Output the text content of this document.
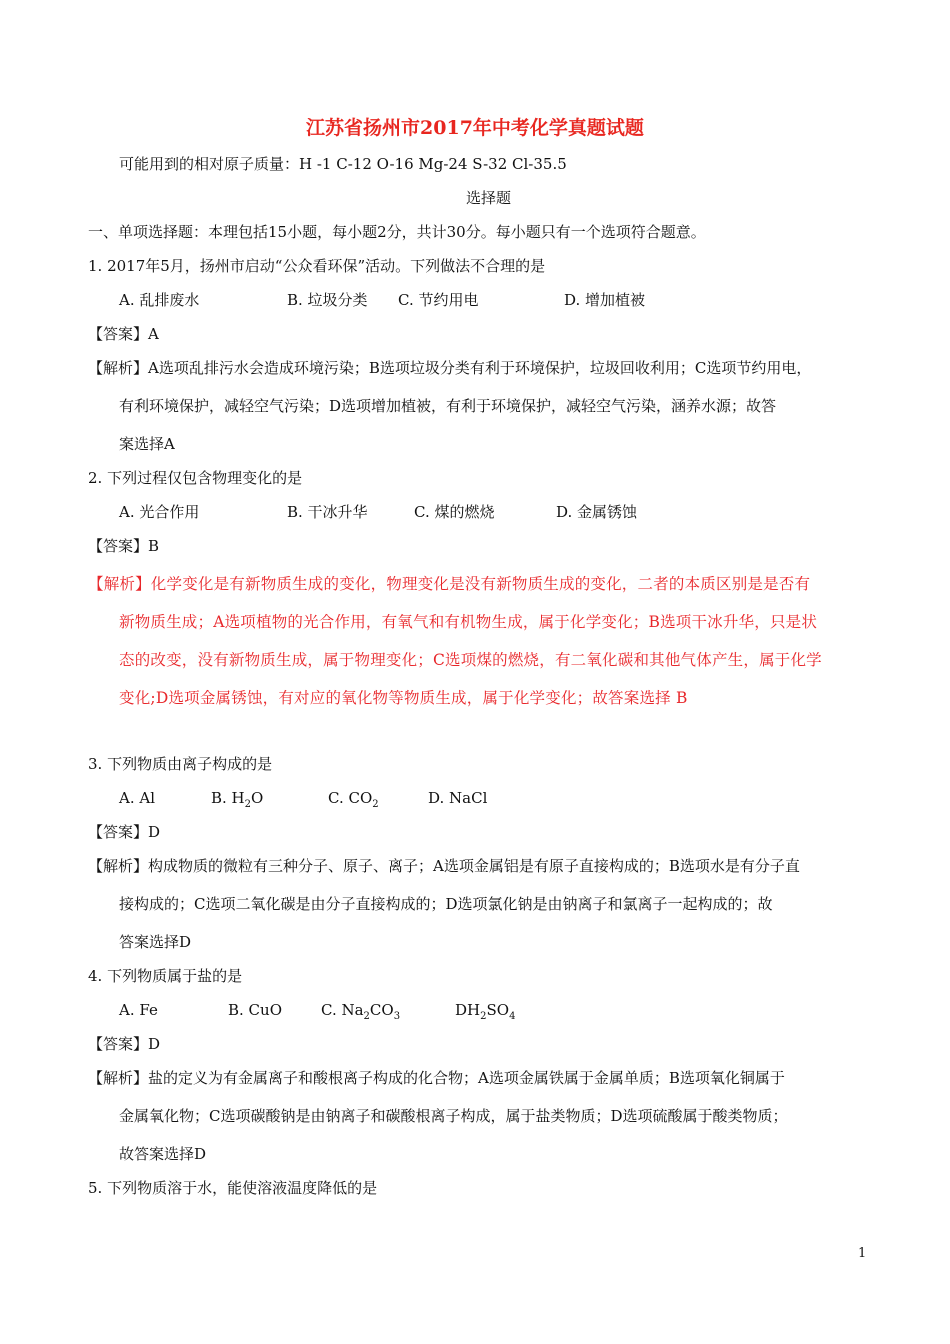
江苏省扬州市2017年中考化学真题试题
可能用到的相对原子质量：H -1 C-12 O-16 Mg-24 S-32 Cl-35.5
选择题
一、单项选择题：本理包括15小题，每小题2分，共计30分。每小题只有一个选项符合题意。
1. 2017年5月，扬州市启动“公众看环保”活动。下列做法不合理的是
A. 乱排废水	B. 垃圾分类 C. 节约用电	D. 增加植被
【答案】A
【解析】A选项乱排污水会造成环境污染；B选项垃圾分类有利于环境保护，垃圾回收利用；C选项节约用电，
有利环境保护，减轻空气污染；D选项增加植被，有利于环境保护，减轻空气污染，涵养水源；故答
案选择A
2. 下列过程仅包含物理变化的是
A. 光合作用	B. 干冰升华	C. 煤的燃烧	D. 金属锈蚀
【答案】B
【解析】化学变化是有新物质生成的变化，物理变化是没有新物质生成的变化，二者的本质区别是是否有
新物质生成；A选项植物的光合作用，有氧气和有机物生成，属于化学变化；B选项干冰升华，只是状
态的改变，没有新物质生成，属于物理变化；C选项煤的燃烧，有二氧化碳和其他气体产生，属于化学
变化;D选项金属锈蚀，有对应的氧化物等物质生成，属于化学变化；故答案选择 B
3. 下列物质由离子构成的是
A. Al	B. $H_2O$	C. $CO_2$	D. NaCl
【答案】D
【解析】构成物质的微粒有三种分子、原子、离子；A选项金属铝是有原子直接构成的；B选项水是有分子直
接构成的；C选项二氧化碳是由分子直接构成的；D选项氯化钠是由钠离子和氯离子一起构成的；故
答案选择D
4. 下列物质属于盐的是
A. Fe	B. CuO	C. $Na_2CO_3$	$DH_2SO_4$
【答案】D
【解析】盐的定义为有金属离子和酸根离子构成的化合物；A选项金属铁属于金属单质；B选项氧化铜属于
金属氧化物；C选项碳酸钠是由钠离子和碳酸根离子构成，属于盐类物质；D选项硫酸属于酸类物质；
故答案选择D
5. 下列物质溶于水，能使溶液温度降低的是
1
